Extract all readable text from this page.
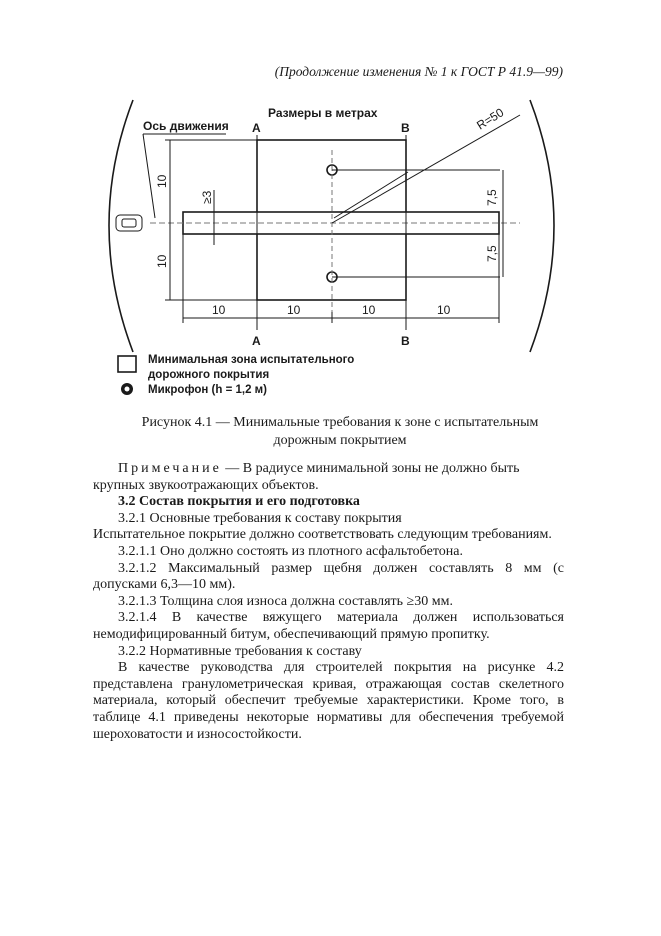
(Продолжение изменения № 1 к ГОСТ Р 41.9—99)
Размеры в метрах
Ось движения A	B
A	B
R=50
10
10
≥3	7,5
7,5
10	10	10	10
Минимальная зона испытательного
дорожного покрытия
Микрофон (h = 1,2 м)
Рисунок 4.1 — Минимальные требования к зоне с испытательным
дорожным покрытием

Примечание — В радиусе минимальной зоны не должно быть

крупных звукоотражающих объектов.

3.2 Состав покрытия и его подготовка

3.2.1 Основные требования к составу покрытия

Испытательное покрытие должно соответствовать следующим требованиям.

3.2.1.1 Оно должно состоять из плотного асфальтобетона.

3.2.1.2 Максимальный размер щебня должен составлять 8 мм (с допусками 6,3—10 мм).

3.2.1.3 Толщина слоя износа должна составлять ≥30 мм.

3.2.1.4 В качестве вяжущего материала должен использоваться немодифицированный битум, обеспечивающий прямую пропитку.

3.2.2 Нормативные требования к составу

В качестве руководства для строителей покрытия на рисунке 4.2 представлена гранулометрическая кривая, отражающая состав скелетного материала, который обеспечит требуемые характеристики. Кроме того, в таблице 4.1 приведены некоторые нормативы для обеспечения требуемой шероховатости и износостойкости.
